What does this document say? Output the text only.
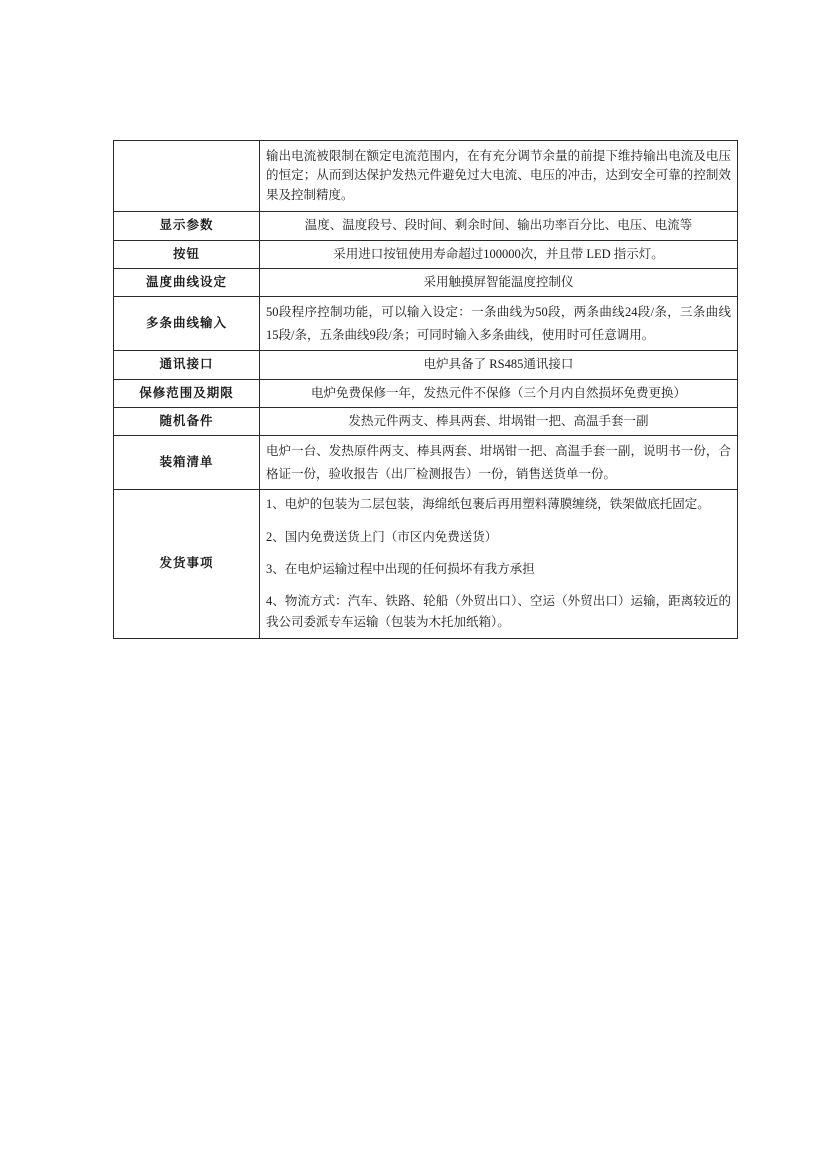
	输出电流被限制在额定电流范围内，在有充分调节余量的前提下维持输出电流及电压的恒定；从而到达保护发热元件避免过大电流、电压的冲击，达到安全可靠的控制效果及控制精度。

显示参数	温度、温度段号、段时间、剩余时间、输出功率百分比、电压、电流等

按钮	采用进口按钮使用寿命超过100000次，并且带 LED 指示灯。

温度曲线设定	采用触摸屏智能温度控制仪

多条曲线输入	50段程序控制功能，可以输入设定：一条曲线为50段，两条曲线24段/条，三条曲线15段/条，五条曲线9段/条；可同时输入多条曲线，使用时可任意调用。

通讯接口	电炉具备了 RS485通讯接口

保修范围及期限	电炉免费保修一年，发热元件不保修（三个月内自然损坏免费更换）

随机备件	发热元件两支、棒具两套、坩埚钳一把、高温手套一副

装箱清单	电炉一台、发热原件两支、棒具两套、坩埚钳一把、高温手套一副，说明书一份，合格证一份，验收报告（出厂检测报告）一份，销售送货单一份。

发货事项	1、电炉的包装为二层包装，海绵纸包裹后再用塑料薄膜缠绕，铁架做底托固定。

2、国内免费送货上门（市区内免费送货）

3、在电炉运输过程中出现的任何损坏有我方承担

4、物流方式：汽车、铁路、轮船（外贸出口）、空运（外贸出口）运输，距离较近的我公司委派专车运输（包装为木托加纸箱）。
